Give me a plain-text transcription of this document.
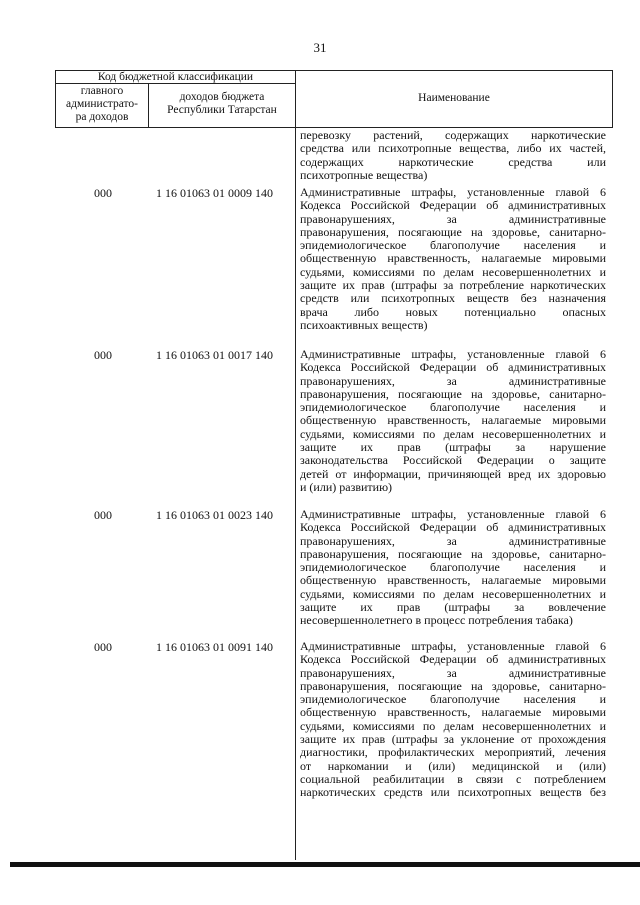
31
Код бюджетной классификации
главного
администрато-
ра доходов
доходов бюджета
Республики Татарстан
Наименование
перевозку растений, содержащих наркотические
средства или психотропные вещества, либо их частей,
содержащих наркотические средства или
психотропные вещества)
000	1 16 01063 01 0009 140	Административные штрафы, установленные главой 6
Кодекса Российской Федерации об административных
правонарушениях, за административные
правонарушения, посягающие на здоровье, санитарно-
эпидемиологическое благополучие населения и
общественную нравственность, налагаемые мировыми
судьями, комиссиями по делам несовершеннолетних и
защите их прав (штрафы за потребление наркотических
средств или психотропных веществ без назначения
врача либо новых потенциально опасных
психоактивных веществ)
000	1 16 01063 01 0017 140	Административные штрафы, установленные главой 6
Кодекса Российской Федерации об административных
правонарушениях, за административные
правонарушения, посягающие на здоровье, санитарно-
эпидемиологическое благополучие населения и
общественную нравственность, налагаемые мировыми
судьями, комиссиями по делам несовершеннолетних и
защите их прав (штрафы за нарушение
законодательства Российской Федерации о защите
детей от информации, причиняющей вред их здоровью
и (или) развитию)
000	1 16 01063 01 0023 140	Административные штрафы, установленные главой 6
Кодекса Российской Федерации об административных
правонарушениях, за административные
правонарушения, посягающие на здоровье, санитарно-
эпидемиологическое благополучие населения и
общественную нравственность, налагаемые мировыми
судьями, комиссиями по делам несовершеннолетних и
защите их прав (штрафы за вовлечение
несовершеннолетнего в процесс потребления табака)
000	1 16 01063 01 0091 140	Административные штрафы, установленные главой 6
Кодекса Российской Федерации об административных
правонарушениях, за административные
правонарушения, посягающие на здоровье, санитарно-
эпидемиологическое благополучие населения и
общественную нравственность, налагаемые мировыми
судьями, комиссиями по делам несовершеннолетних и
защите их прав (штрафы за уклонение от прохождения
диагностики, профилактических мероприятий, лечения
от наркомании и (или) медицинской и (или)
социальной реабилитации в связи с потреблением
наркотических средств или психотропных веществ без
